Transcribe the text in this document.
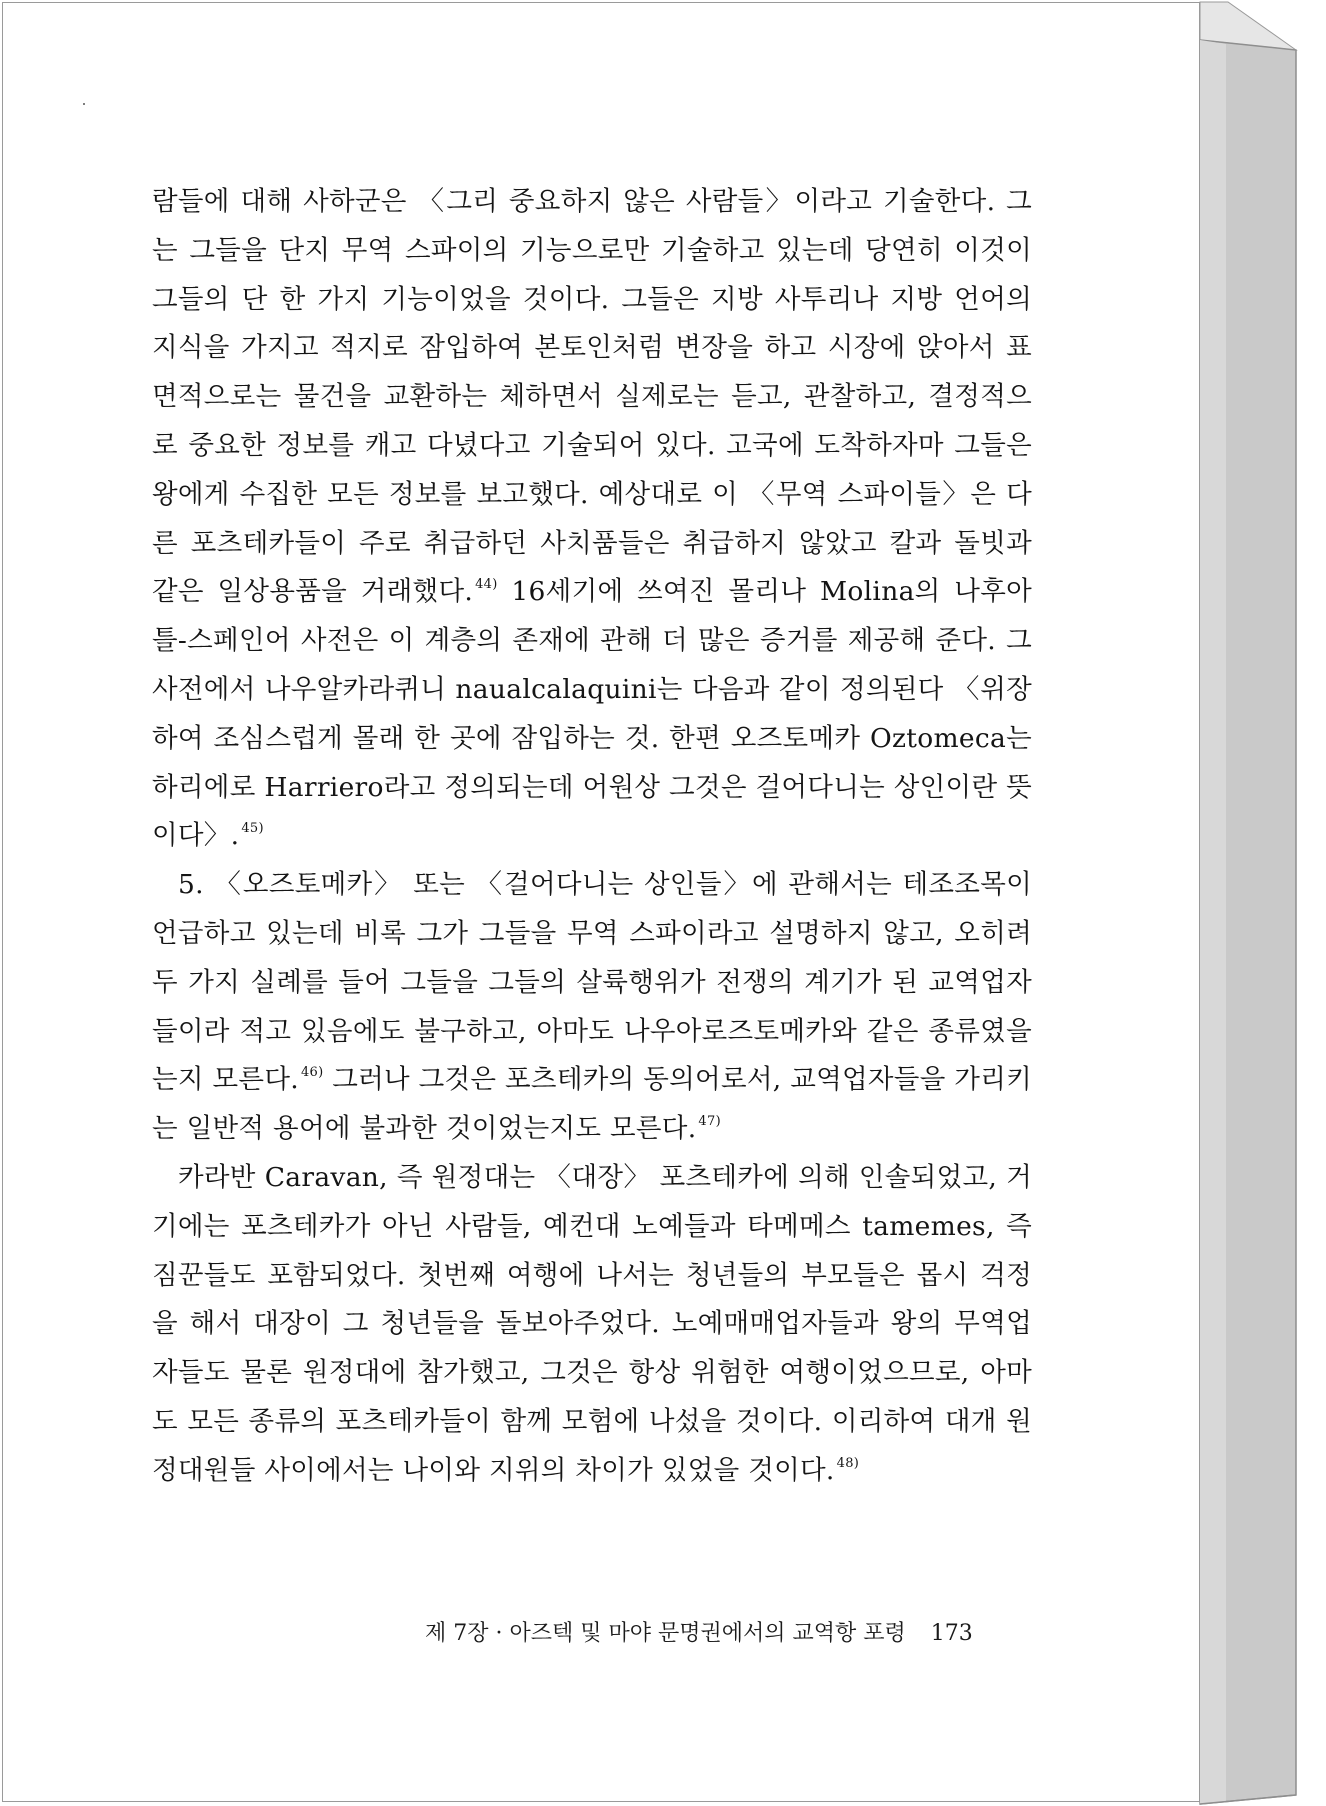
람들에 대해 사하군은 〈그리 중요하지 않은 사람들〉이라고 기술한다. 그는 그들을 단지 무역 스파이의 기능으로만 기술하고 있는데 당연히 이것이 그들의 단 한 가지 기능이었을 것이다. 그들은 지방 사투리나 지방 언어의 지식을 가지고 적지로 잠입하여 본토인처럼 변장을 하고 시장에 앉아서 표면적으로는 물건을 교환하는 체하면서 실제로는 듣고, 관찰하고, 결정적으로 중요한 정보를 캐고 다녔다고 기술되어 있다. 고국에 도착하자마 그들은 왕에게 수집한 모든 정보를 보고했다. 예상대로 이 〈무역 스파이들〉은 다른 포츠테카들이 주로 취급하던 사치품들은 취급하지 않았고 칼과 돌빗과 같은 일상용품을 거래했다. $^{44)}$ 16세기에 쓰여진 몰리나 Molina의 나후아틀-스페인어 사전은 이 계층의 존재에 관해 더 많은 증거를 제공해 준다. 그 사전에서 나우알카라퀴니 naualcalaquini는 다음과 같이 정의된다 〈위장하여 조심스럽게 몰래 한 곳에 잠입하는 것. 한편 오즈토메카 Oztomeca는 하리에로 Harriero라고 정의되는데 어원상 그것은 걸어다니는 상인이란 뜻이다〉. $^{45)}$

5. 〈오즈토메카〉 또는 〈걸어다니는 상인들〉에 관해서는 테조조목이 언급하고 있는데 비록 그가 그들을 무역 스파이라고 설명하지 않고, 오히려 두 가지 실례를 들어 그들을 그들의 살륙행위가 전쟁의 계기가 된 교역업자들이라 적고 있음에도 불구하고, 아마도 나우아로즈토메카와 같은 종류였을는지 모른다. $^{46)}$ 그러나 그것은 포츠테카의 동의어로서, 교역업자들을 가리키는 일반적 용어에 불과한 것이었는지도 모른다. $^{47)}$

카라반 Caravan, 즉 원정대는 〈대장〉 포츠테카에 의해 인솔되었고, 거기에는 포츠테카가 아닌 사람들, 예컨대 노예들과 타메메스 tamemes, 즉 짐꾼들도 포함되었다. 첫번째 여행에 나서는 청년들의 부모들은 몹시 걱정을 해서 대장이 그 청년들을 돌보아주었다. 노예매매업자들과 왕의 무역업자들도 물론 원정대에 참가했고, 그것은 항상 위험한 여행이었으므로, 아마도 모든 종류의 포츠테카들이 함께 모험에 나섰을 것이다. 이리하여 대개 원정대원들 사이에서는 나이와 지위의 차이가 있었을 것이다. $^{48)}$

제 7장 · 아즈텍 및 마야 문명권에서의 교역항 포령 173
